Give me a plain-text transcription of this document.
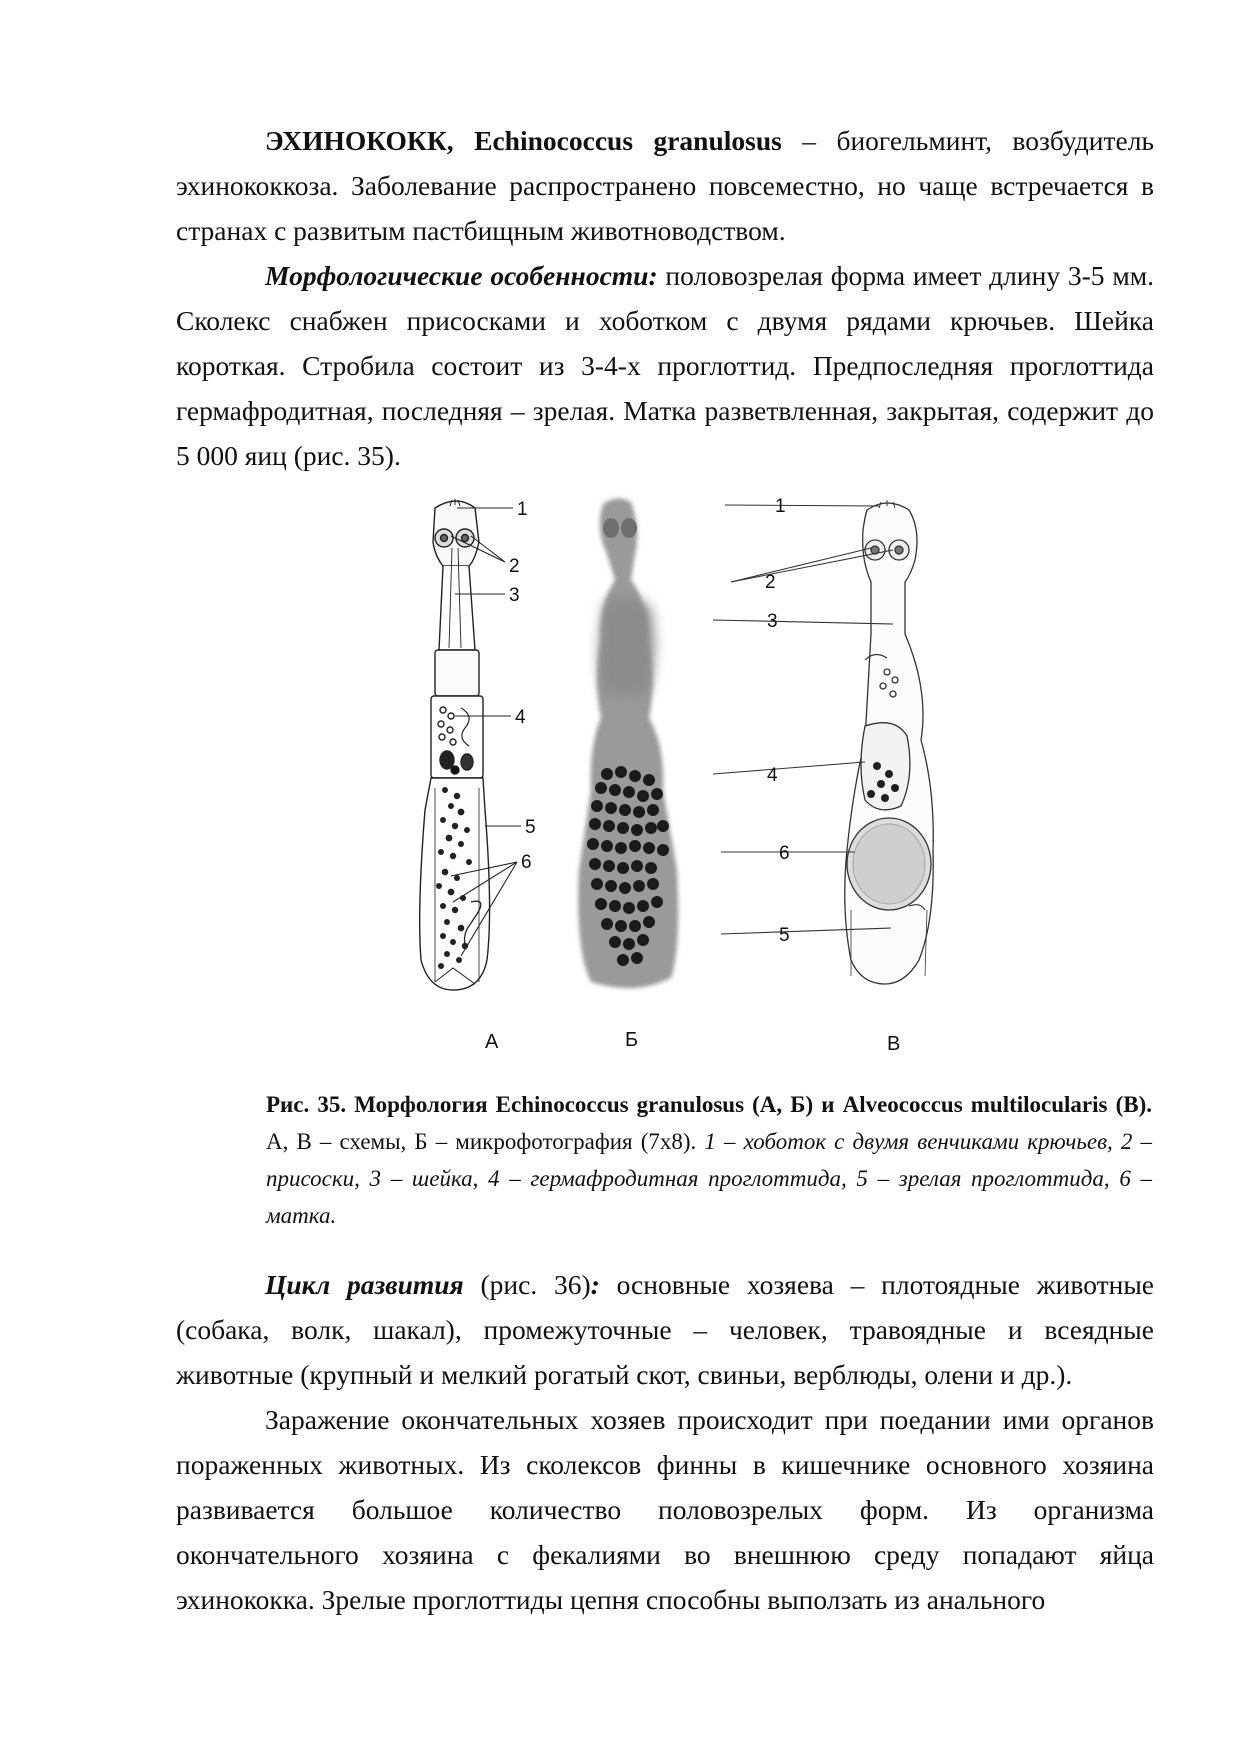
ЭХИНОКОКК, Echinococcus granulosus – биогельминт, возбудитель эхинококкоза. Заболевание распространено повсеместно, но чаще встречается в странах с развитым пастбищным животноводством.

Морфологические особенности: половозрелая форма имеет длину 3-5 мм. Сколекс снабжен присосками и хоботком с двумя рядами крючьев. Шейка короткая. Стробила состоит из 3-4-х проглоттид. Предпоследняя проглоттида гермафродитная, последняя – зрелая. Матка разветвленная, закрытая, содержит до 5 000 яиц (рис. 35).

1
2
3
4
5
6
А	Б
1
2
3
4
6
5
В
Рис. 35. Морфология Echinococcus granulosus (А, Б) и Alveococcus multilocularis (В). А, В – схемы, Б – микрофотография (7х8). 1 – хоботок с двумя венчиками крючьев, 2 – присоски, 3 – шейка, 4 – гермафродитная проглоттида, 5 – зрелая проглоттида, 6 – матка.

Цикл развития (рис. 36): основные хозяева – плотоядные животные (собака, волк, шакал), промежуточные – человек, травоядные и всеядные животные (крупный и мелкий рогатый скот, свиньи, верблюды, олени и др.).

Заражение окончательных хозяев происходит при поедании ими органов пораженных животных. Из сколексов финны в кишечнике основного хозяина развивается большое количество половозрелых форм. Из организма окончательного хозяина с фекалиями во внешнюю среду попадают яйца эхинококка. Зрелые проглоттиды цепня способны выползать из анального
